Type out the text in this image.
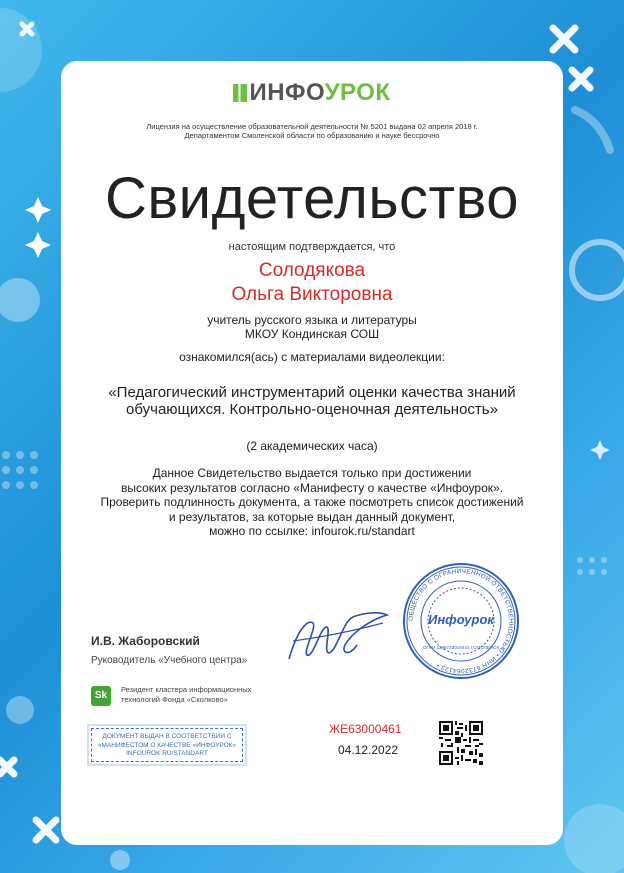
ИНФОУРОК
Лицензия на осуществление образовательной деятельности № 5201 выдана 02 апреля 2018 г.
Департаментом Смоленской области по образованию и науке бессрочно
Свидетельство
настоящим подтверждается, что
Солодякова
Ольга Викторовна
учитель русского языка и литературы
МКОУ Кондинская СОШ
ознакомился(ась) с материалами видеолекции:
«Педагогический инструментарий оценки качества знаний
обучающихся. Контрольно-оценочная деятельность»
(2 академических часа)
Данное Свидетельство выдается только при достижении
высоких результатов согласно «Манифесту о качестве «Инфоурок».
Проверить подлинность документа, а также посмотреть список достижений
и результатов, за которые выдан данный документ,
можно по ссылке: infourok.ru/standart
И.В. Жаборовский
Руководитель «Учебного центра»
ОБЩЕСТВО С ОГРАНИЧЕННОЙ ОТВЕТСТВЕННОСТЬЮ • ИНН 6732064123 •
Инфоурок
ОГРН 1136733016441 г.СМОЛЕНСК
Sk
Резидент кластера информационных
технологий Фонда «Сколково»
ДОКУМЕНТ ВЫДАН В СООТВЕТСТВИИ С
«МАНИФЕСТОМ О КАЧЕСТВЕ «ИНФОУРОК»
INFOUROK.RU/STANDART
ЖЕ63000461
04.12.2022
